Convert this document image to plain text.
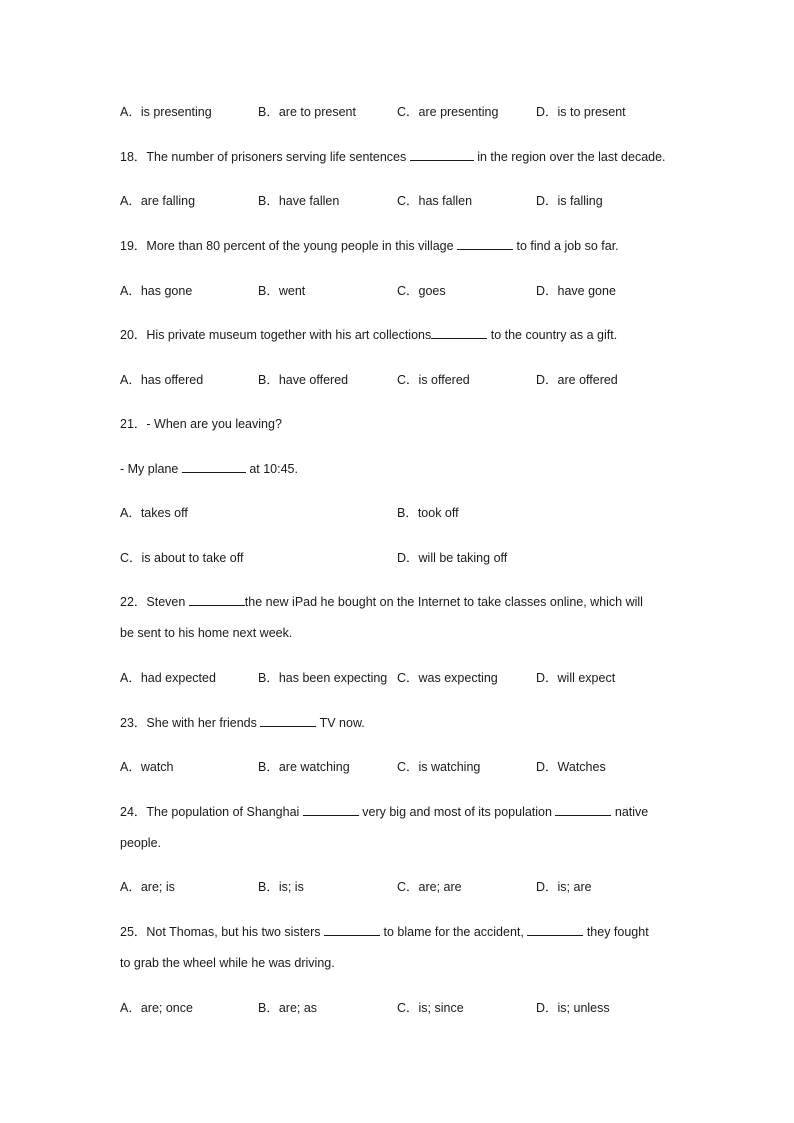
A．is presenting	B．are to present	C．are presenting	D．is to present
18．The number of prisoners serving life sentences	in the region over the last decade.
A．are falling	B．have fallen	C．has fallen	D．is falling
19．More than 80 percent of the young people in this village	to find a job so far.
A．has gone	B．went	C．goes	D．have gone
20．His private museum together with his art collections	to the country as a gift.
A．has offered	B．have offered	C．is offered	D．are offered
21．- When are you leaving?
- My plane	at 10:45.
A．takes off	B．took off
C．is about to take off	D．will be taking off
22．Steven	the new iPad he bought on the Internet to take classes online, which will
be sent to his home next week.
A．had expected	B．has been expecting C．was expecting	D．will expect
23．She with her friends	TV now.
A．watch	B．are watching	C．is watching	D．Watches
24．The population of Shanghai	very big and most of its population	native
people.
A．are; is	B．is; is	C．are; are	D．is; are
25．Not Thomas, but his two sisters	to blame for the accident,	they fought
to grab the wheel while he was driving.
A．are; once	B．are; as	C．is; since	D．is; unless
